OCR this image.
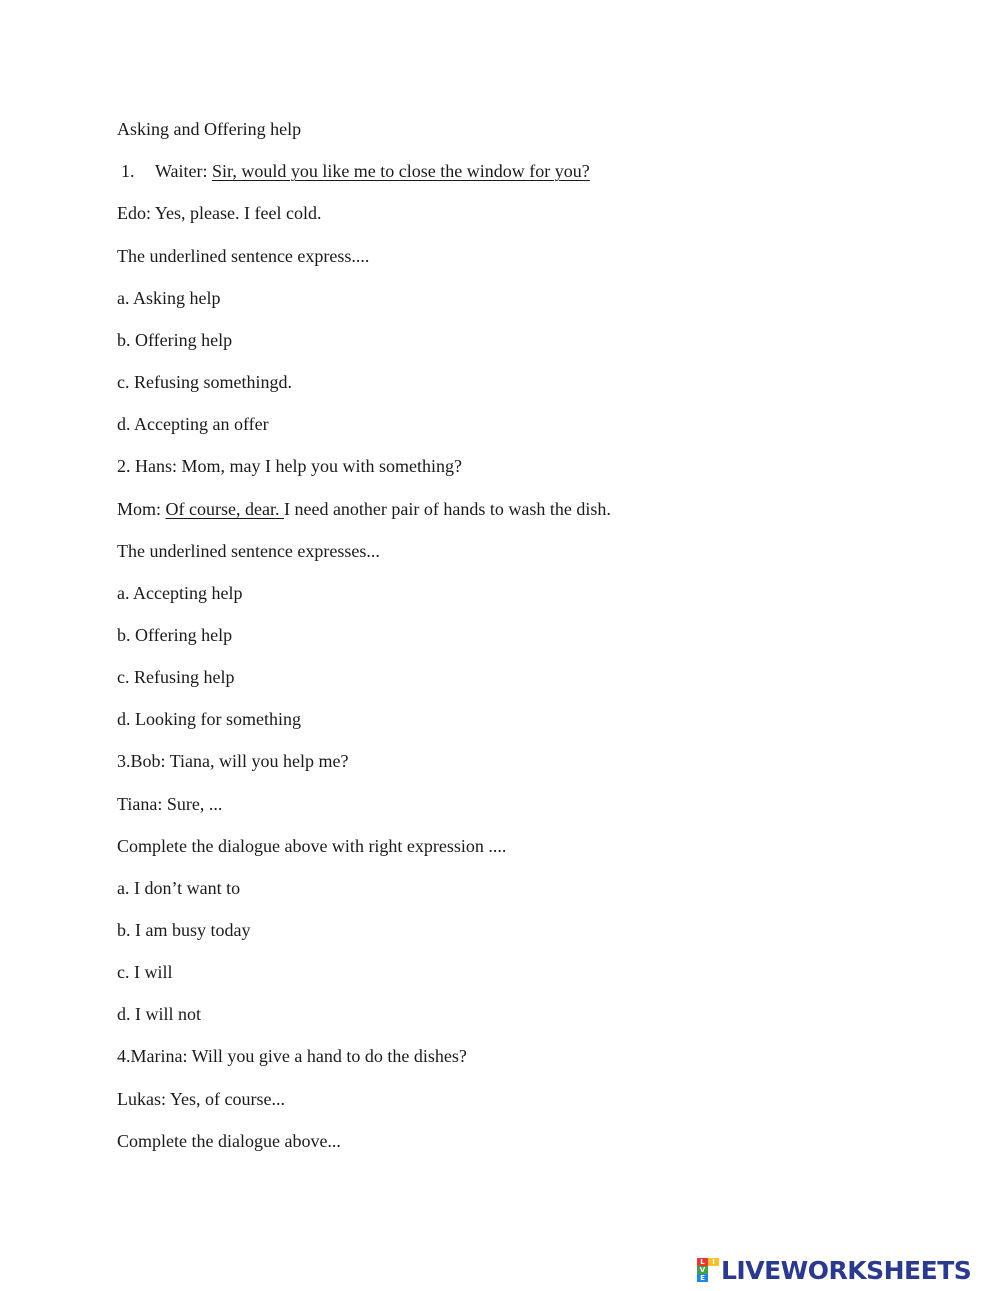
Asking and Offering help
1. Waiter: Sir, would you like me to close the window for you?
Edo: Yes, please. I feel cold.
The underlined sentence express....
a. Asking help
b. Offering help
c. Refusing somethingd.
d. Accepting an offer
2. Hans: Mom, may I help you with something?
Mom: Of course, dear. I need another pair of hands to wash the dish.
The underlined sentence expresses...
a. Accepting help
b. Offering help
c. Refusing help
d. Looking for something
3.Bob: Tiana, will you help me?
Tiana: Sure, ...
Complete the dialogue above with right expression ....
a. I don’t want to
b. I am busy today
c. I will
d. I will not
4.Marina: Will you give a hand to do the dishes?
Lukas: Yes, of course...
Complete the dialogue above...
L	I
V
E LIVEWORKSHEETS
